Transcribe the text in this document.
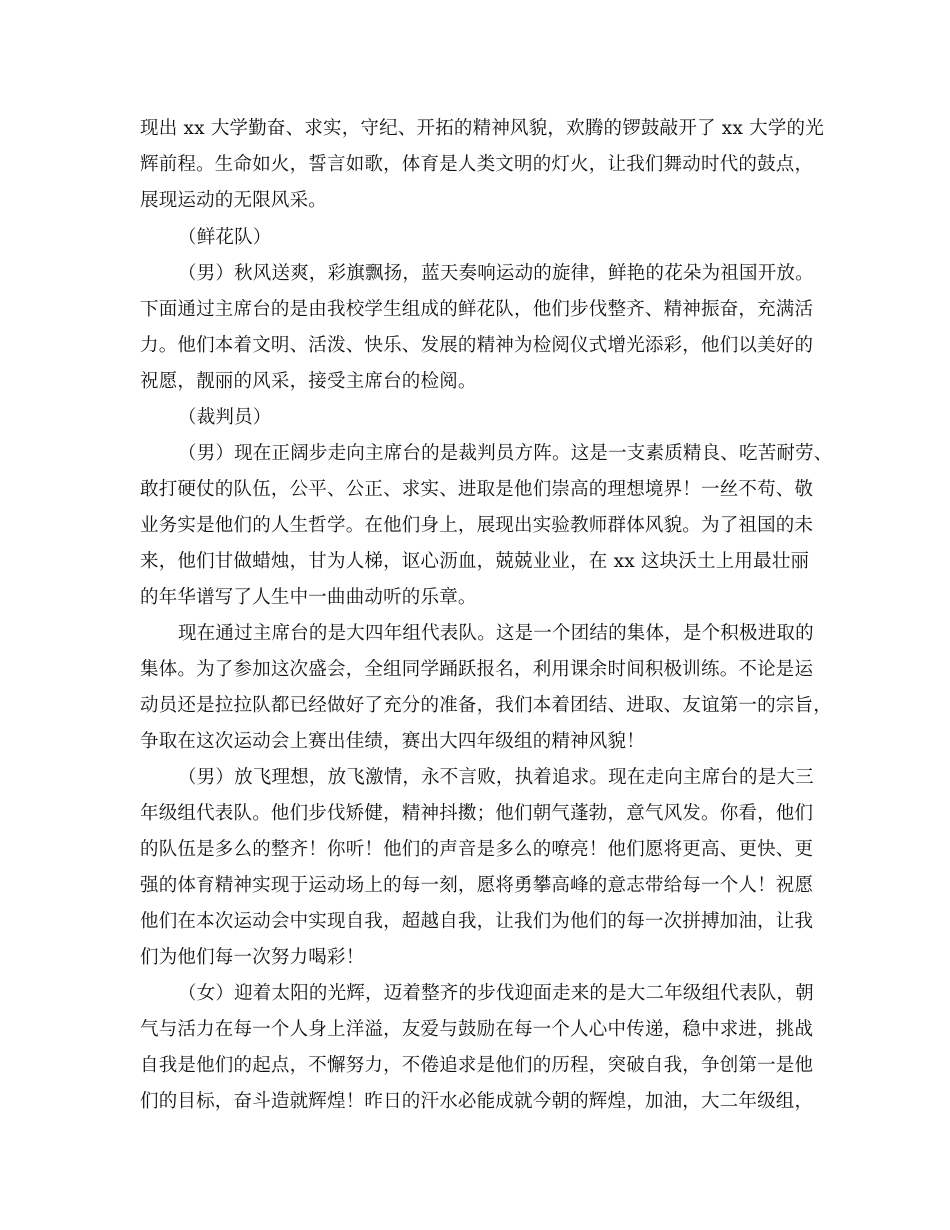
现出 xx 大学勤奋、求实，守纪、开拓的精神风貌，欢腾的锣鼓敲开了 xx 大学的光
辉前程。生命如火，誓言如歌，体育是人类文明的灯火，让我们舞动时代的鼓点，
展现运动的无限风采。
（鲜花队）
（男）秋风送爽，彩旗飘扬，蓝天奏响运动的旋律，鲜艳的花朵为祖国开放。
下面通过主席台的是由我校学生组成的鲜花队，他们步伐整齐、精神振奋，充满活
力。他们本着文明、活泼、快乐、发展的精神为检阅仪式增光添彩，他们以美好的
祝愿，靓丽的风采，接受主席台的检阅。
（裁判员）
（男）现在正阔步走向主席台的是裁判员方阵。这是一支素质精良、吃苦耐劳、
敢打硬仗的队伍，公平、公正、求实、进取是他们崇高的理想境界！一丝不苟、敬
业务实是他们的人生哲学。在他们身上，展现出实验教师群体风貌。为了祖国的未
来，他们甘做蜡烛，甘为人梯，讴心沥血，兢兢业业，在 xx 这块沃土上用最壮丽
的年华谱写了人生中一曲曲动听的乐章。
现在通过主席台的是大四年组代表队。这是一个团结的集体，是个积极进取的
集体。为了参加这次盛会，全组同学踊跃报名，利用课余时间积极训练。不论是运
动员还是拉拉队都已经做好了充分的准备，我们本着团结、进取、友谊第一的宗旨，
争取在这次运动会上赛出佳绩，赛出大四年级组的精神风貌！
（男）放飞理想，放飞激情，永不言败，执着追求。现在走向主席台的是大三
年级组代表队。他们步伐矫健，精神抖擞；他们朝气蓬勃，意气风发。你看，他们
的队伍是多么的整齐！你听！他们的声音是多么的嘹亮！他们愿将更高、更快、更
强的体育精神实现于运动场上的每一刻，愿将勇攀高峰的意志带给每一个人！祝愿
他们在本次运动会中实现自我，超越自我，让我们为他们的每一次拼搏加油，让我
们为他们每一次努力喝彩！
（女）迎着太阳的光辉，迈着整齐的步伐迎面走来的是大二年级组代表队，朝
气与活力在每一个人身上洋溢，友爱与鼓励在每一个人心中传递，稳中求进，挑战
自我是他们的起点，不懈努力，不倦追求是他们的历程，突破自我，争创第一是他
们的目标，奋斗造就辉煌！昨日的汗水必能成就今朝的辉煌，加油，大二年级组，
